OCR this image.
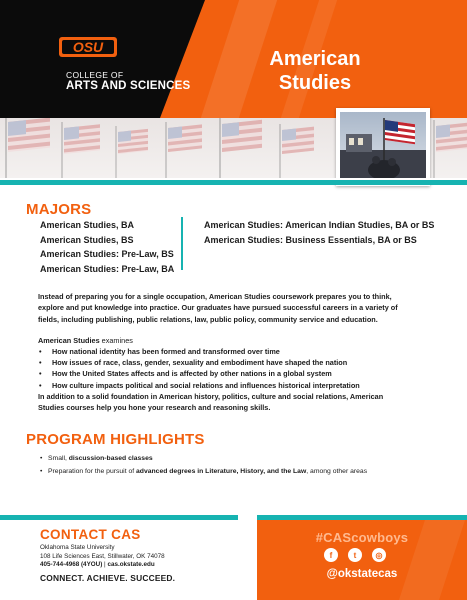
OSU
COLLEGE OF
ARTS AND SCIENCES
American
Studies
MAJORS
American Studies, BA
American Studies, BS
American Studies: Pre-Law, BS
American Studies: Pre-Law, BA
American Studies: American Indian Studies, BA or BS
American Studies: Business Essentials, BA or BS
Instead of preparing you for a single occupation, American Studies coursework prepares you to think, explore and put knowledge into practice. Our graduates have pursued successful careers in a variety of fields, including publishing, public relations, law, public policy, community service and education.
American Studies examines
• How national identity has been formed and transformed over time
• How issues of race, class, gender, sexuality and embodiment have shaped the nation
• How the United States affects and is affected by other nations in a global system
• How culture impacts political and social relations and influences historical interpretation
In addition to a solid foundation in American history, politics, culture and social relations, American Studies courses help you hone your research and reasoning skills.
PROGRAM HIGHLIGHTS
• Small, discussion-based classes
• Preparation for the pursuit of advanced degrees in Literature, History, and the Law, among other areas
CONTACT CAS
Oklahoma State University
108 Life Sciences East, Stillwater, OK 74078
405-744-4968 (4YOU) | cas.okstate.edu
CONNECT. ACHIEVE. SUCCEED.
#CAScowboys
f	t	◎
@okstatecas
